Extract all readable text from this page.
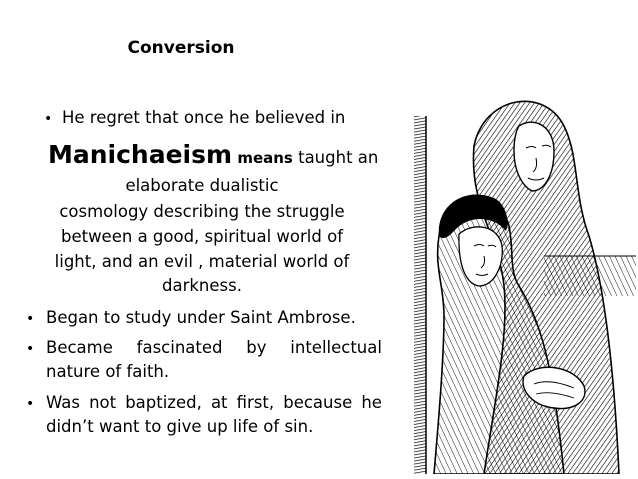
Conversion
• He regret that once he believed in
Manichaeism means taught an
elaborate dualistic
cosmology describing the struggle
between a good, spiritual world of
light, and an evil , material world of
darkness.
• Began to study under Saint Ambrose.
• Became fascinated by intellectual
nature of faith.
• Was not baptized, at first, because he
didn’t want to give up life of sin.
